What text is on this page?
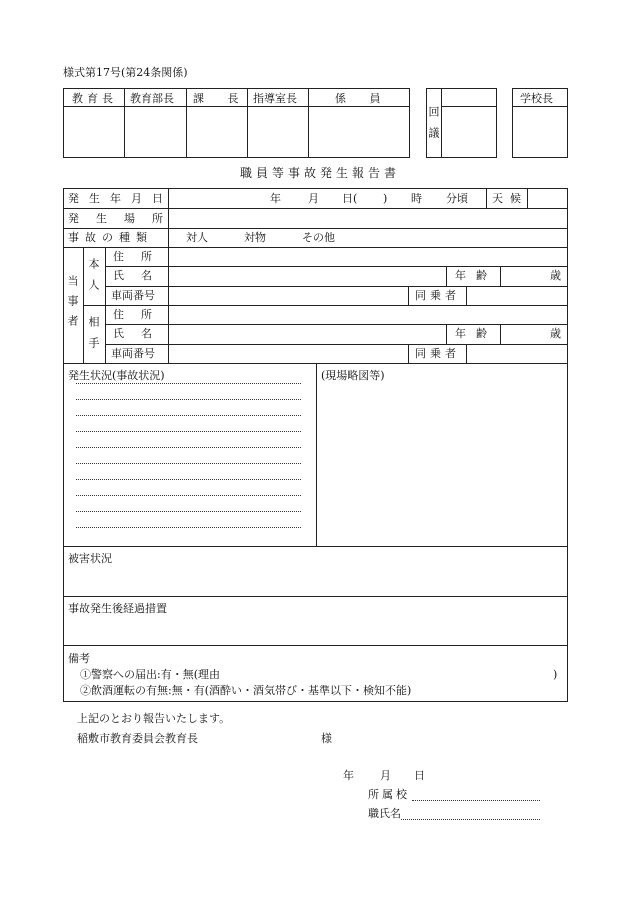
様式第17号(第24条関係)
教育長 教育部長 課 長 指導室長	係 員
回議
学校長
職員等事故発生報告書
発生年月日	年 月 日( ) 時 分頃 天候
発生場所
事故の種類	対人	対物	その他
当事者 本人
相手
住所
氏名	年齢	歳
車両番号	同乗者
住所
氏名	年齢	歳
車両番号	同乗者
発生状況(事故状況)	(現場略図等)
被害状況
事故発生後経過措置
備考
①警察への届出:有・無(理由	)
②飲酒運転の有無:無・有(酒酔い・酒気帯び・基準以下・検知不能)
上記のとおり報告いたします。
稲敷市教育委員会教育長	様
年 月 日
所属校
職氏名
